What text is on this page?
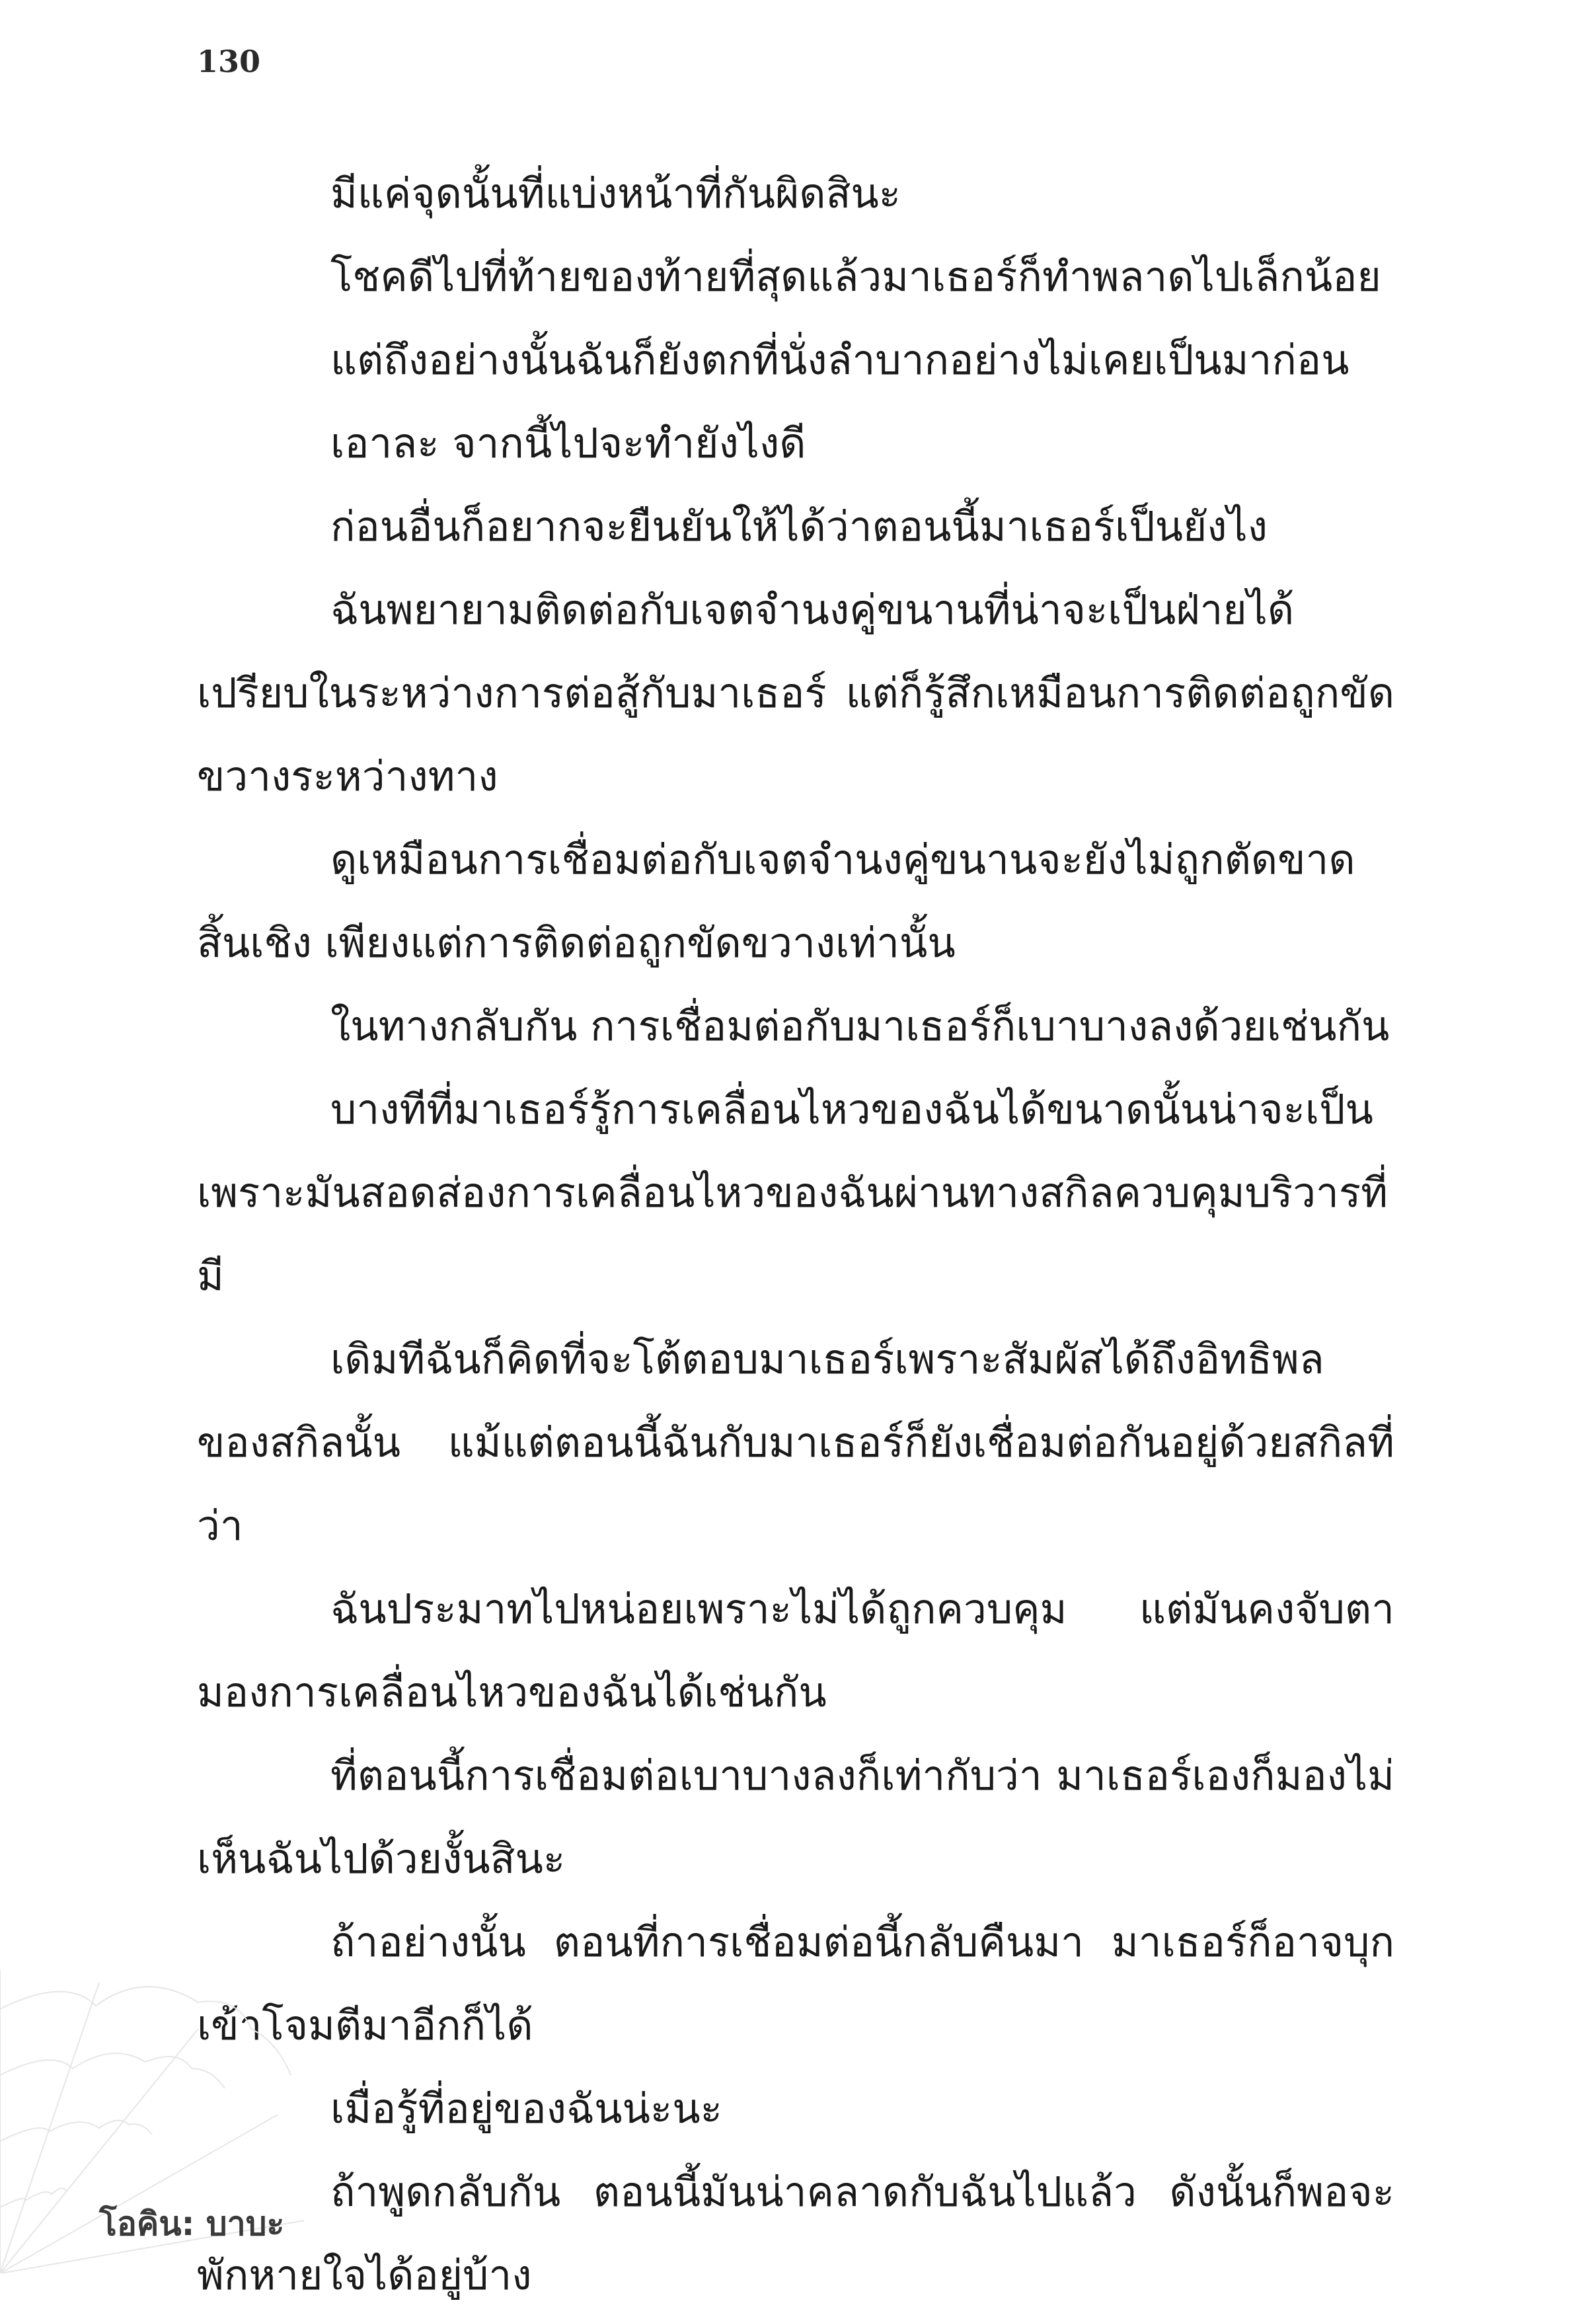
130

มีแค่จุดนั้นที่แบ่งหน้าที่กันผิดสินะ

โชคดีไปที่ท้ายของท้ายที่สุดแล้วมาเธอร์ก็ทำพลาดไปเล็กน้อย

แต่ถึงอย่างนั้นฉันก็ยังตกที่นั่งลำบากอย่างไม่เคยเป็นมาก่อน

เอาละ จากนี้ไปจะทำยังไงดี

ก่อนอื่นก็อยากจะยืนยันให้ได้ว่าตอนนี้มาเธอร์เป็นยังไง

ฉันพยายามติดต่อกับเจตจำนงคู่ขนานที่น่าจะเป็นฝ่ายได้เปรียบในระหว่างการต่อสู้กับมาเธอร์ แต่ก็รู้สึกเหมือนการติดต่อถูกขัดขวางระหว่างทาง

ดูเหมือนการเชื่อมต่อกับเจตจำนงคู่ขนานจะยังไม่ถูกตัดขาดสิ้นเชิง เพียงแต่การติดต่อถูกขัดขวางเท่านั้น

ในทางกลับกัน การเชื่อมต่อกับมาเธอร์ก็เบาบางลงด้วยเช่นกัน

บางทีที่มาเธอร์รู้การเคลื่อนไหวของฉันได้ขนาดนั้นน่าจะเป็นเพราะมันสอดส่องการเคลื่อนไหวของฉันผ่านทางสกิลควบคุมบริวารที่มี

เดิมทีฉันก็คิดที่จะโต้ตอบมาเธอร์เพราะสัมผัสได้ถึงอิทธิพลของสกิลนั้น แม้แต่ตอนนี้ฉันกับมาเธอร์ก็ยังเชื่อมต่อกันอยู่ด้วยสกิลที่ว่า

ฉันประมาทไปหน่อยเพราะไม่ได้ถูกควบคุม แต่มันคงจับตามองการเคลื่อนไหวของฉันได้เช่นกัน

ที่ตอนนี้การเชื่อมต่อเบาบางลงก็เท่ากับว่า มาเธอร์เองก็มองไม่เห็นฉันไปด้วยงั้นสินะ

ถ้าอย่างนั้น ตอนที่การเชื่อมต่อนี้กลับคืนมา มาเธอร์ก็อาจบุกเข้าโจมตีมาอีกก็ได้

เมื่อรู้ที่อยู่ของฉันน่ะนะ

ถ้าพูดกลับกัน ตอนนี้มันน่าคลาดกับฉันไปแล้ว ดังนั้นก็พอจะพักหายใจได้อยู่บ้าง

โอคิน: บาบะ
